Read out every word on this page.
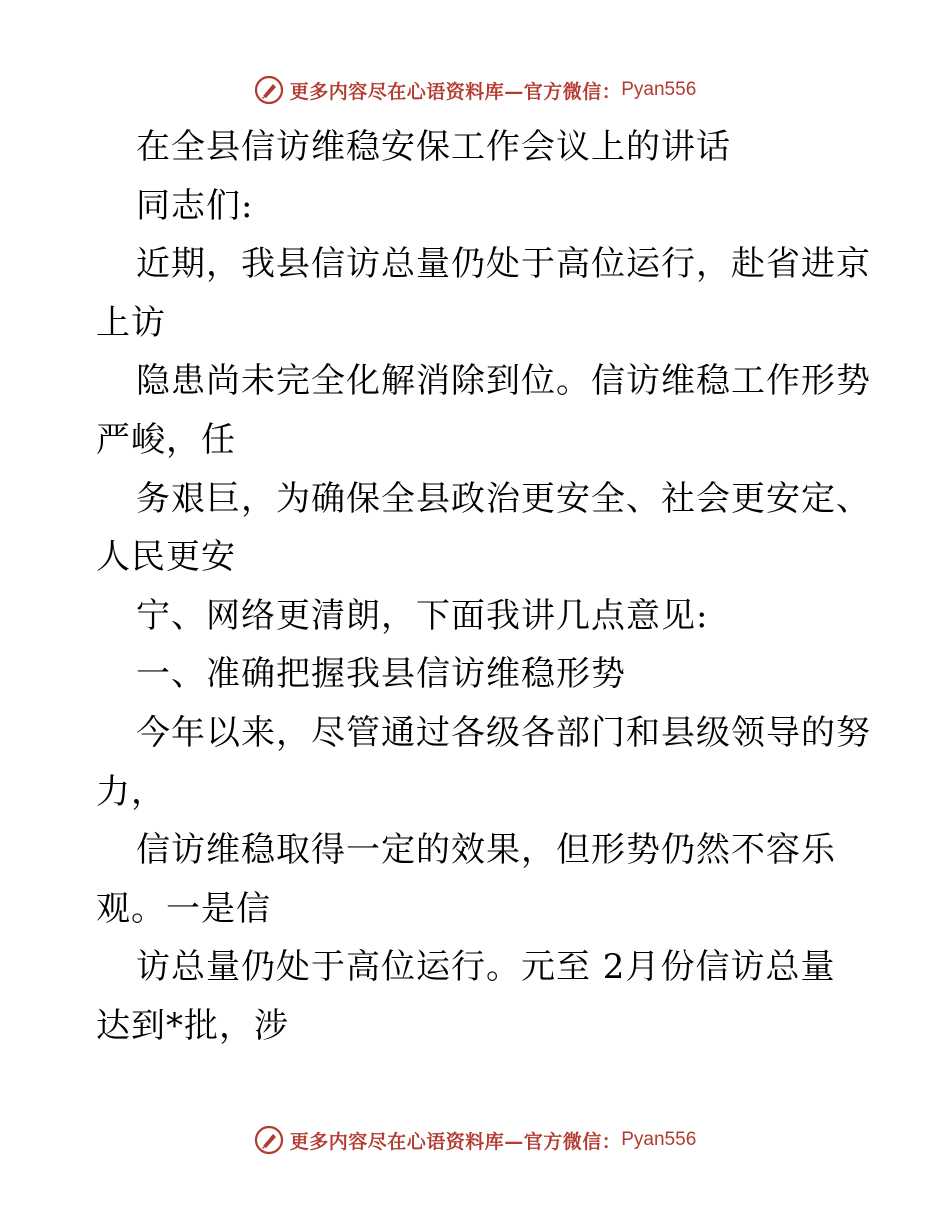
更多内容尽在心语资料库—官方微信： Pyan556
在全县信访维稳安保工作会议上的讲话
同志们:
近期，我县信访总量仍处于高位运行，赴省进京
上访
隐患尚未完全化解消除到位。信访维稳工作形势
严峻，任
务艰巨，为确保全县政治更安全、社会更安定、
人民更安
宁、网络更清朗，下面我讲几点意见:
一、准确把握我县信访维稳形势
今年以来，尽管通过各级各部门和县级领导的努
力，
信访维稳取得一定的效果，但形势仍然不容乐
观。一是信
访总量仍处于高位运行。元至 2月份信访总量
达到*批，涉
更多内容尽在心语资料库—官方微信： Pyan556
